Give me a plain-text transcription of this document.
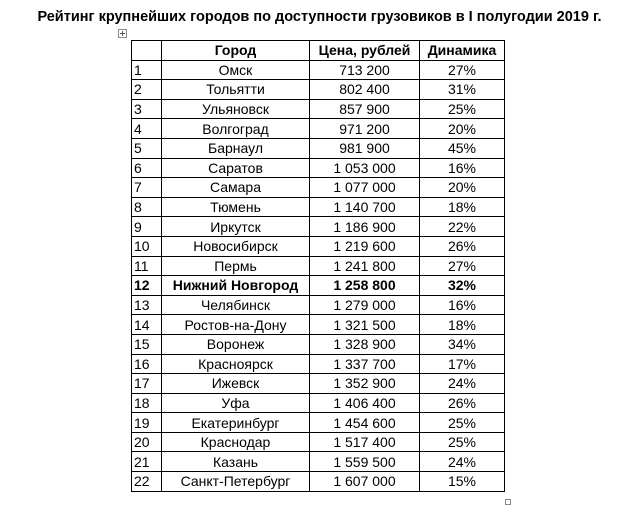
Рейтинг крупнейших городов по доступности грузовиков в I полугодии 2019 г.
	Город	Цена, рублей	Динамика
1	Омск	713 200	27%
2	Тольятти	802 400	31%
3	Ульяновск	857 900	25%
4	Волгоград	971 200	20%
5	Барнаул	981 900	45%
6	Саратов	1 053 000	16%
7	Самара	1 077 000	20%
8	Тюмень	1 140 700	18%
9	Иркутск	1 186 900	22%
10	Новосибирск	1 219 600	26%
11	Пермь	1 241 800	27%
12	Нижний Новгород	1 258 800	32%
13	Челябинск	1 279 000	16%
14	Ростов-на-Дону	1 321 500	18%
15	Воронеж	1 328 900	34%
16	Красноярск	1 337 700	17%
17	Ижевск	1 352 900	24%
18	Уфа	1 406 400	26%
19	Екатеринбург	1 454 600	25%
20	Краснодар	1 517 400	25%
21	Казань	1 559 500	24%
22	Санкт-Петербург	1 607 000	15%
